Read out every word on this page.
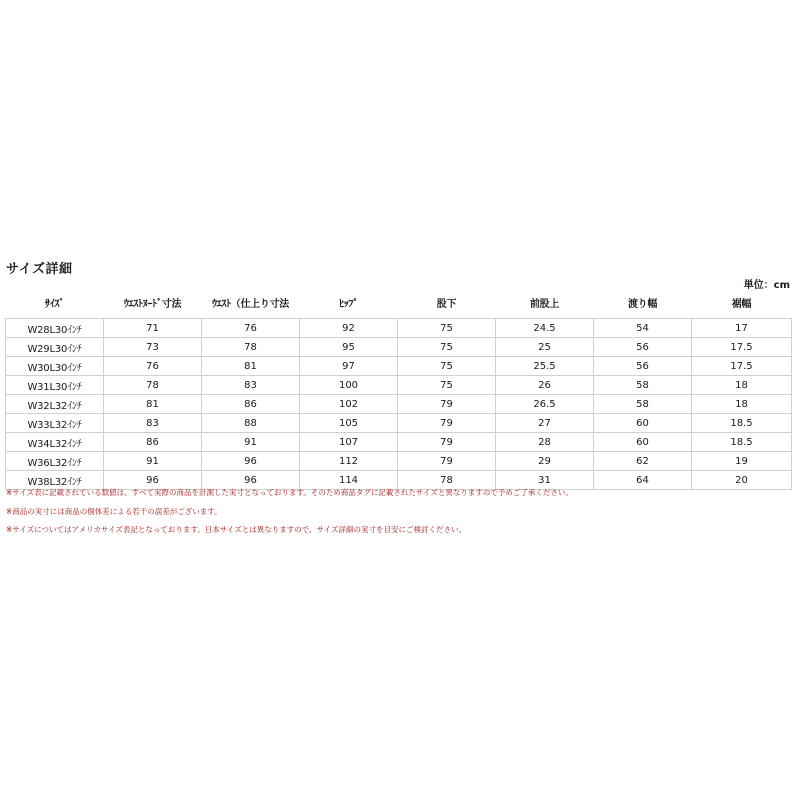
サイズ詳細
単位：cm
ｻｲｽﾞ	ｳｴｽﾄﾇｰﾄﾞ寸法	ｳｴｽﾄ（仕上り寸法	ﾋｯﾌﾟ	股下	前股上	渡り幅	裾幅
W28L30ｲﾝﾁ	71	76	92	75	24.5	54	17
W29L30ｲﾝﾁ	73	78	95	75	25	56	17.5
W30L30ｲﾝﾁ	76	81	97	75	25.5	56	17.5
W31L30ｲﾝﾁ	78	83	100	75	26	58	18
W32L32ｲﾝﾁ	81	86	102	79	26.5	58	18
W33L32ｲﾝﾁ	83	88	105	79	27	60	18.5
W34L32ｲﾝﾁ	86	91	107	79	28	60	18.5
W36L32ｲﾝﾁ	91	96	112	79	29	62	19
W38L32ｲﾝﾁ	96	96	114	78	31	64	20
※サイズ表に記載されている数値は、すべて実際の商品を計測した実寸となっております。そのため商品タグに記載されたサイズと異なりますので予めご了承ください。
※商品の実寸には商品の個体差による若干の誤差がございます。
※サイズについてはアメリカサイズ表記となっております。日本サイズとは異なりますので、サイズ詳細の実寸を目安にご検討ください。
